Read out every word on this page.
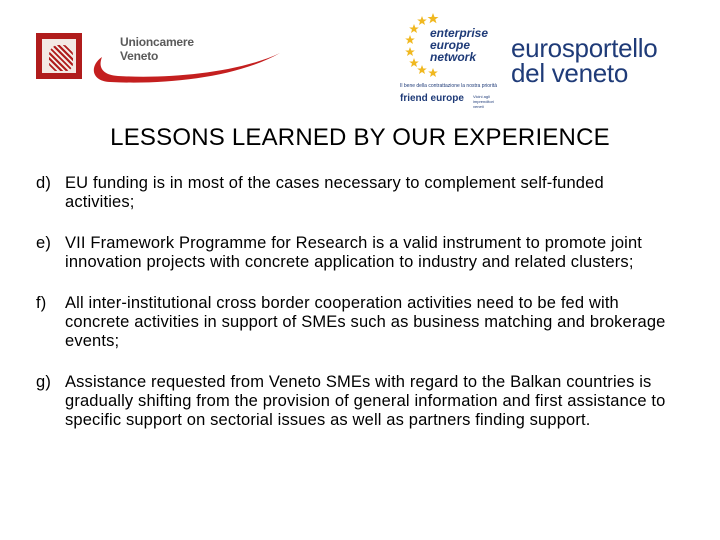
Unioncamere
Veneto
enterprise
europe
network
Il bene della contrattazione la nostra priorità
friend europe Vicini agli imprenditori veneti
eurosportello
del veneto
LESSONS LEARNED BY OUR EXPERIENCE
d) EU funding is in most of the cases necessary to complement self-funded activities;
e) VII Framework Programme for Research is a valid instrument to promote joint innovation projects with concrete application to industry and related clusters;
f) All inter-institutional cross border cooperation activities need to be fed with concrete activities in support of SMEs such as business matching and brokerage events;
g) Assistance requested from Veneto SMEs with regard to the Balkan countries is gradually shifting from the provision of general information and first assistance to specific support on sectorial issues as well as partners finding support.
